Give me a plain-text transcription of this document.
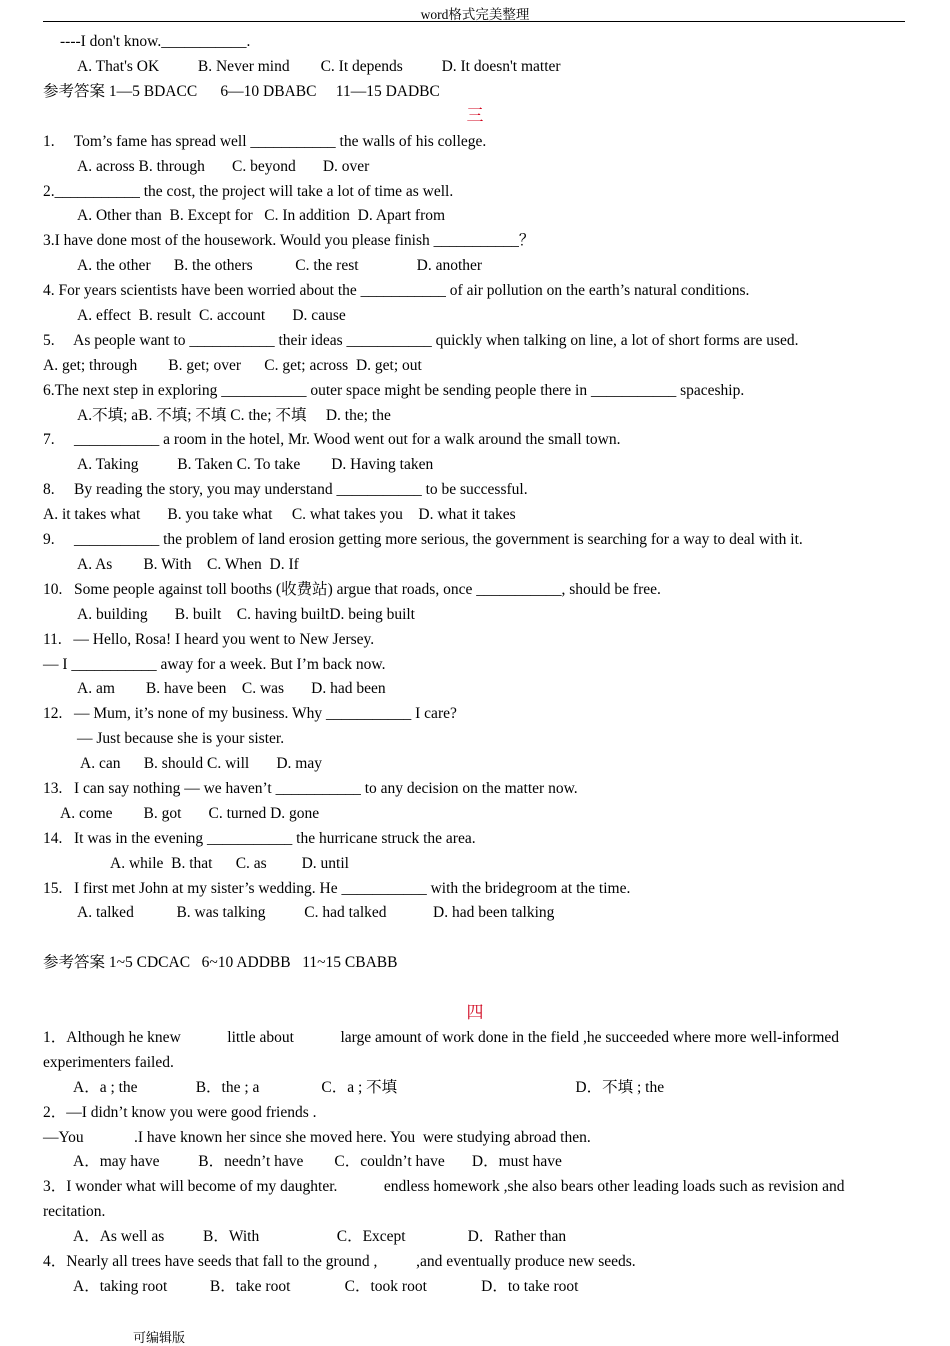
word格式完美整理
----I don't know.___________.
A. That's OK          B. Never mind        C. It depends          D. It doesn't matter
参考答案 1—5 BDACC      6—10 DBABC     11—15 DADBC
三
1.     Tom’s fame has spread well ___________ the walls of his college.
A. across B. through       C. beyond       D. over
2.___________ the cost, the project will take a lot of time as well.
A. Other than  B. Except for   C. In addition  D. Apart from
3.I have done most of the housework. Would you please finish ___________？
A. the other      B. the others           C. the rest               D. another
4. For years scientists have been worried about the ___________ of air pollution on the earth’s natural conditions.
A. effect  B. result  C. account       D. cause
5.     As people want to ___________ their ideas ___________ quickly when talking on line, a lot of short forms are used.
A. get; through        B. get; over      C. get; across  D. get; out
6.The next step in exploring ___________ outer space might be sending people there in ___________ spaceship.
A.不填; aB. 不填; 不填 C. the; 不填     D. the; the
7.     ___________ a room in the hotel, Mr. Wood went out for a walk around the small town.
A. Taking          B. Taken C. To take        D. Having taken
8.     By reading the story, you may understand ___________ to be successful.
A. it takes what       B. you take what     C. what takes you    D. what it takes
9.     ___________ the problem of land erosion getting more serious, the government is searching for a way to deal with it.
A. As        B. With    C. When  D. If
10.   Some people against toll booths (收费站) argue that roads, once ___________, should be free.
A. building       B. built    C. having builtD. being built
11.   — Hello, Rosa! I heard you went to New Jersey.
— I ___________ away for a week. But I’m back now.
A. am        B. have been    C. was       D. had been
12.   — Mum, it’s none of my business. Why ___________ I care?
— Just because she is your sister.
A. can      B. should C. will       D. may
13.   I can say nothing — we haven’t ___________ to any decision on the matter now.
A. come        B. got       C. turned D. gone
14.   It was in the evening ___________ the hurricane struck the area.
A. while  B. that      C. as         D. until
15.   I first met John at my sister’s wedding. He ___________ with the bridegroom at the time.
A. talked           B. was talking          C. had talked            D. had been talking
参考答案 1~5 CDCAC   6~10 ADDBB   11~15 CBABB
四
1．Although he knew            little about            large amount of work done in the field ,he succeeded where more well-informed
experimenters failed.
A．a ; the               B．the ; a                C．a ; 不填                                              D．不填 ; the
2．—I didn’t know you were good friends .
—You             .I have known her since she moved here. You  were studying abroad then.
A．may have          B．needn’t have        C．couldn’t have       D．must have
3．I wonder what will become of my daughter.            endless homework ,she also bears other leading loads such as revision and
recitation.
A．As well as          B．With                    C．Except                D．Rather than
4．Nearly all trees have seeds that fall to the ground ,          ,and eventually produce new seeds.
A．taking root           B．take root              C．took root              D．to take root
可编辑版
